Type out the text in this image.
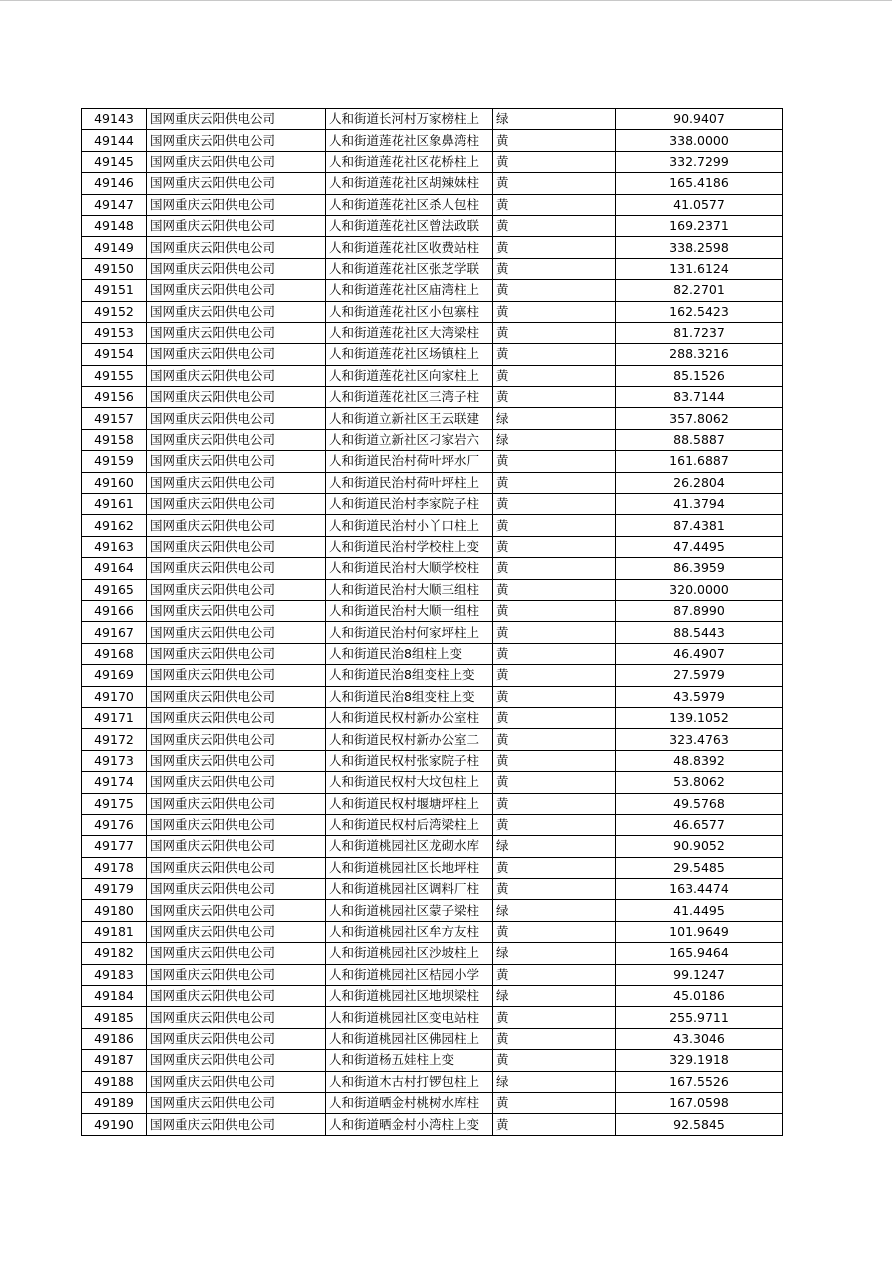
49143	国网重庆云阳供电公司	人和街道长河村万家榜柱上	绿	90.9407
49144	国网重庆云阳供电公司	人和街道莲花社区象鼻湾柱	黄	338.0000
49145	国网重庆云阳供电公司	人和街道莲花社区花桥柱上	黄	332.7299
49146	国网重庆云阳供电公司	人和街道莲花社区胡辣妹柱	黄	165.4186
49147	国网重庆云阳供电公司	人和街道莲花社区杀人包柱	黄	41.0577
49148	国网重庆云阳供电公司	人和街道莲花社区曾法政联	黄	169.2371
49149	国网重庆云阳供电公司	人和街道莲花社区收费站柱	黄	338.2598
49150	国网重庆云阳供电公司	人和街道莲花社区张芝学联	黄	131.6124
49151	国网重庆云阳供电公司	人和街道莲花社区庙湾柱上	黄	82.2701
49152	国网重庆云阳供电公司	人和街道莲花社区小包寨柱	黄	162.5423
49153	国网重庆云阳供电公司	人和街道莲花社区大湾梁柱	黄	81.7237
49154	国网重庆云阳供电公司	人和街道莲花社区场镇柱上	黄	288.3216
49155	国网重庆云阳供电公司	人和街道莲花社区向家柱上	黄	85.1526
49156	国网重庆云阳供电公司	人和街道莲花社区三湾子柱	黄	83.7144
49157	国网重庆云阳供电公司	人和街道立新社区王云联建	绿	357.8062
49158	国网重庆云阳供电公司	人和街道立新社区刁家岩六	绿	88.5887
49159	国网重庆云阳供电公司	人和街道民治村荷叶坪水厂	黄	161.6887
49160	国网重庆云阳供电公司	人和街道民治村荷叶坪柱上	黄	26.2804
49161	国网重庆云阳供电公司	人和街道民治村李家院子柱	黄	41.3794
49162	国网重庆云阳供电公司	人和街道民治村小丫口柱上	黄	87.4381
49163	国网重庆云阳供电公司	人和街道民治村学校柱上变	黄	47.4495
49164	国网重庆云阳供电公司	人和街道民治村大顺学校柱	黄	86.3959
49165	国网重庆云阳供电公司	人和街道民治村大顺三组柱	黄	320.0000
49166	国网重庆云阳供电公司	人和街道民治村大顺一组柱	黄	87.8990
49167	国网重庆云阳供电公司	人和街道民治村何家坪柱上	黄	88.5443
49168	国网重庆云阳供电公司	人和街道民治8组柱上变	黄	46.4907
49169	国网重庆云阳供电公司	人和街道民治8组变柱上变	黄	27.5979
49170	国网重庆云阳供电公司	人和街道民治8组变柱上变	黄	43.5979
49171	国网重庆云阳供电公司	人和街道民权村新办公室柱	黄	139.1052
49172	国网重庆云阳供电公司	人和街道民权村新办公室二	黄	323.4763
49173	国网重庆云阳供电公司	人和街道民权村张家院子柱	黄	48.8392
49174	国网重庆云阳供电公司	人和街道民权村大坟包柱上	黄	53.8062
49175	国网重庆云阳供电公司	人和街道民权村堰塘坪柱上	黄	49.5768
49176	国网重庆云阳供电公司	人和街道民权村后湾梁柱上	黄	46.6577
49177	国网重庆云阳供电公司	人和街道桃园社区龙砌水库	绿	90.9052
49178	国网重庆云阳供电公司	人和街道桃园社区长地坪柱	黄	29.5485
49179	国网重庆云阳供电公司	人和街道桃园社区调料厂柱	黄	163.4474
49180	国网重庆云阳供电公司	人和街道桃园社区蒙子梁柱	绿	41.4495
49181	国网重庆云阳供电公司	人和街道桃园社区牟方友柱	黄	101.9649
49182	国网重庆云阳供电公司	人和街道桃园社区沙坡柱上	绿	165.9464
49183	国网重庆云阳供电公司	人和街道桃园社区桔园小学	黄	99.1247
49184	国网重庆云阳供电公司	人和街道桃园社区地坝梁柱	绿	45.0186
49185	国网重庆云阳供电公司	人和街道桃园社区变电站柱	黄	255.9711
49186	国网重庆云阳供电公司	人和街道桃园社区佛园柱上	黄	43.3046
49187	国网重庆云阳供电公司	人和街道杨五娃柱上变	黄	329.1918
49188	国网重庆云阳供电公司	人和街道木古村打锣包柱上	绿	167.5526
49189	国网重庆云阳供电公司	人和街道晒金村桃树水库柱	黄	167.0598
49190	国网重庆云阳供电公司	人和街道晒金村小湾柱上变	黄	92.5845
